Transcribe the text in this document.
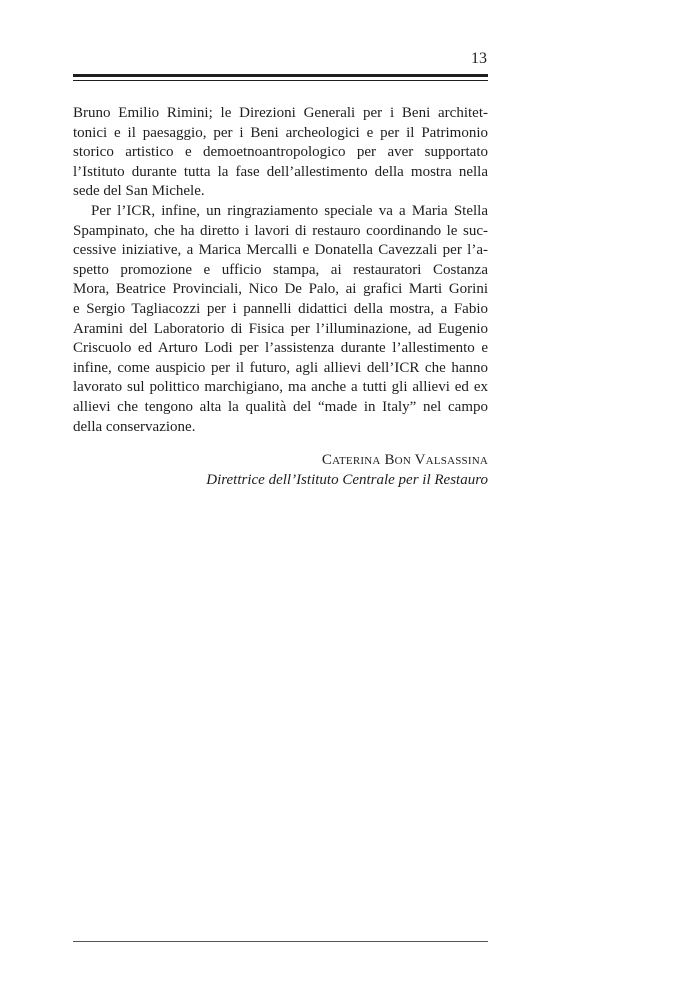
13
Bruno Emilio Rimini; le Direzioni Generali per i Beni architet-
tonici e il paesaggio, per i Beni archeologici e per il Patrimonio
storico artistico e demoetnoantropologico per aver supportato
l’Istituto durante tutta la fase dell’allestimento della mostra nella
sede del San Michele.
Per l’ICR, infine, un ringraziamento speciale va a Maria Stella
Spampinato, che ha diretto i lavori di restauro coordinando le suc-
cessive iniziative, a Marica Mercalli e Donatella Cavezzali per l’a-
spetto promozione e ufficio stampa, ai restauratori Costanza
Mora, Beatrice Provinciali, Nico De Palo, ai grafici Marti Gorini
e Sergio Tagliacozzi per i pannelli didattici della mostra, a Fabio
Aramini del Laboratorio di Fisica per l’illuminazione, ad Eugenio
Criscuolo ed Arturo Lodi per l’assistenza durante l’allestimento e
infine, come auspicio per il futuro, agli allievi dell’ICR che hanno
lavorato sul polittico marchigiano, ma anche a tutti gli allievi ed ex
allievi che tengono alta la qualità del “made in Italy” nel campo
della conservazione.
Caterina Bon Valsassina
Direttrice dell’Istituto Centrale per il Restauro
